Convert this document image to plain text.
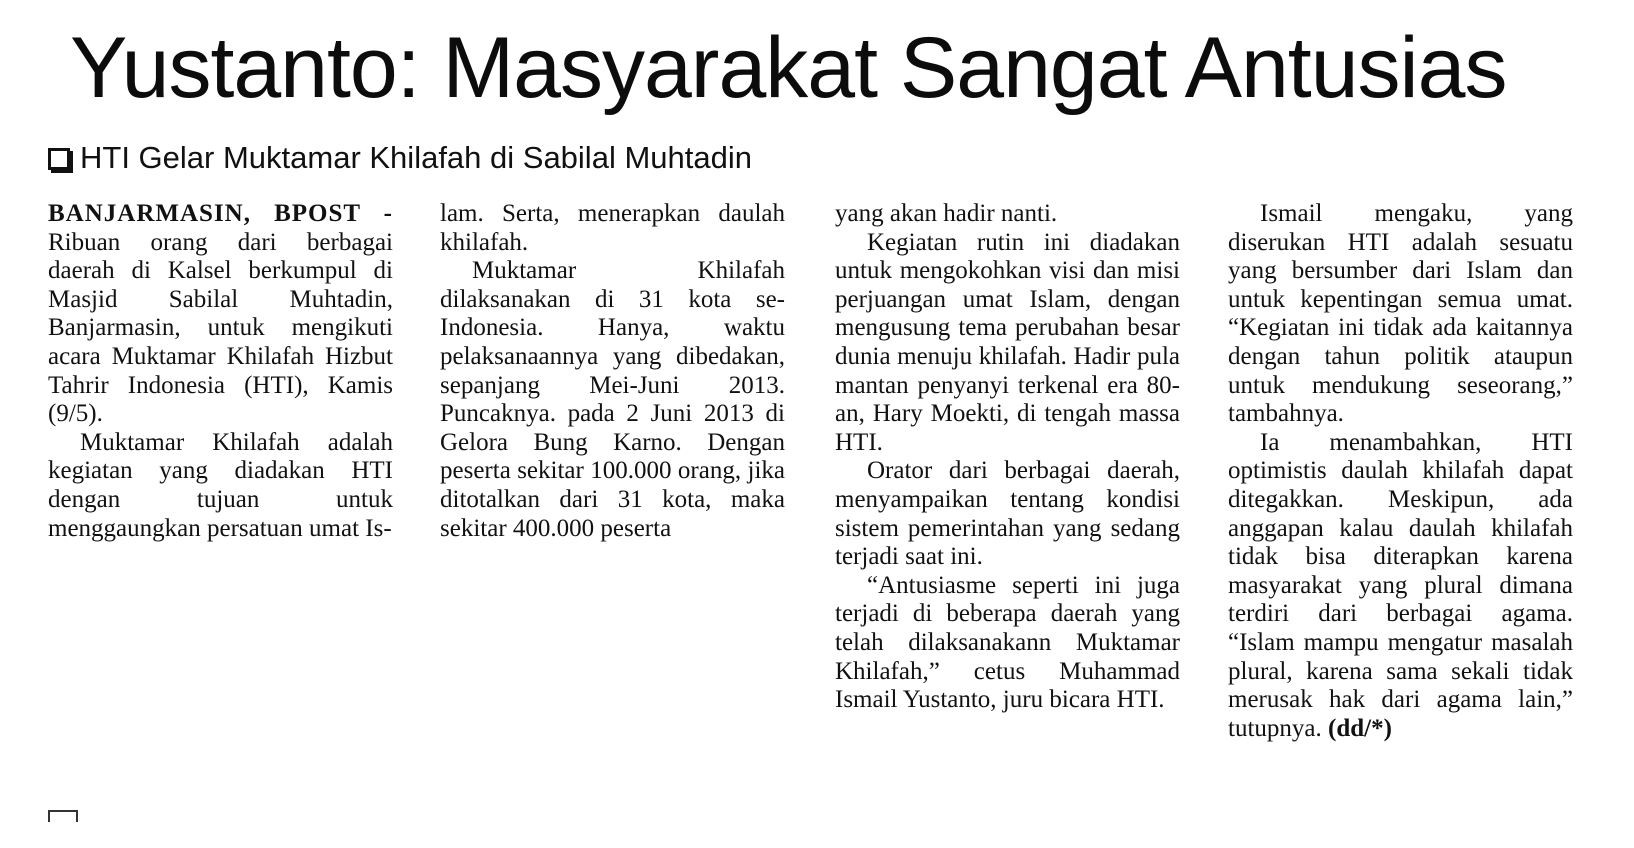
Yustanto: Masyarakat Sangat Antusias
HTI Gelar Muktamar Khilafah di Sabilal Muhtadin

BANJARMASIN, BPOST - Ribuan orang dari berbagai daerah di Kalsel berkumpul di Masjid Sabilal Muhtadin, Banjarmasin, untuk mengikuti acara Muktamar Khilafah Hizbut Tahrir Indonesia (HTI), Kamis (9/5).

Muktamar Khilafah adalah kegiatan yang diadakan HTI dengan tujuan untuk menggaungkan persatuan umat Is-

lam. Serta, menerapkan daulah khilafah.

Muktamar Khilafah dilaksanakan di 31 kota se-Indonesia. Hanya, waktu pelaksanaannya yang dibedakan, sepanjang Mei-Juni 2013. Puncaknya. pada 2 Juni 2013 di Gelora Bung Karno. Dengan peserta sekitar 100.000 orang, jika ditotalkan dari 31 kota, maka sekitar 400.000 peserta

yang akan hadir nanti.

Kegiatan rutin ini diadakan untuk mengokohkan visi dan misi perjuangan umat Islam, dengan mengusung tema perubahan besar dunia menuju khilafah. Hadir pula mantan penyanyi terkenal era 80-an, Hary Moekti, di tengah massa HTI.

Orator dari berbagai daerah, menyampaikan tentang kondisi sistem pemerintahan yang sedang terjadi saat ini.

“Antusiasme seperti ini juga terjadi di beberapa daerah yang telah dilaksanakann Muktamar Khilafah,” cetus Muhammad Ismail Yustanto, juru bicara HTI.

Ismail mengaku, yang diserukan HTI adalah sesuatu yang bersumber dari Islam dan untuk kepentingan semua umat. “Kegiatan ini tidak ada kaitannya dengan tahun politik ataupun untuk mendukung seseorang,” tambahnya.

Ia menambahkan, HTI optimistis daulah khilafah dapat ditegakkan. Meskipun, ada anggapan kalau daulah khilafah tidak bisa diterapkan karena masyarakat yang plural dimana terdiri dari berbagai agama. “Islam mampu mengatur masalah plural, karena sama sekali tidak merusak hak dari agama lain,” tutupnya. (dd/*)
